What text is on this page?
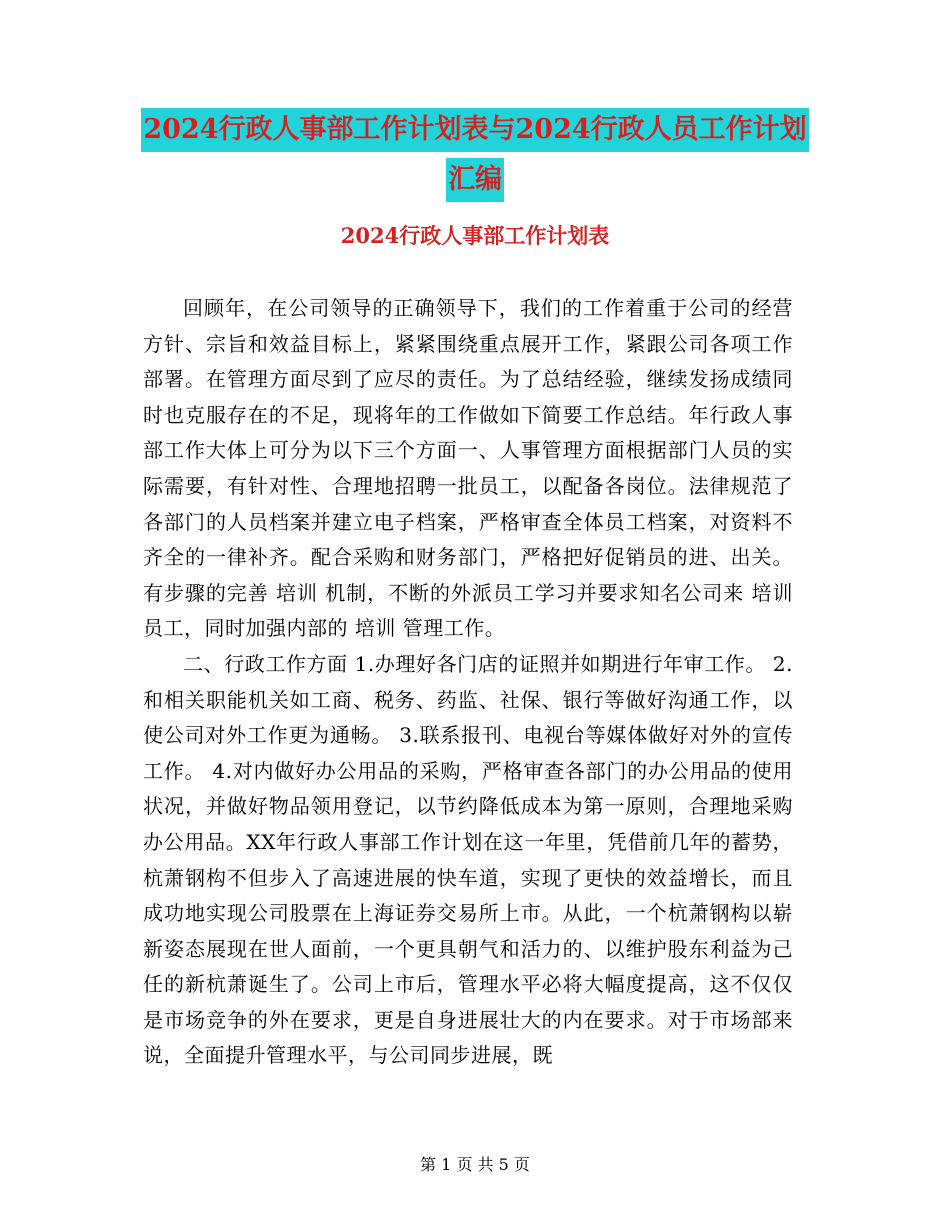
2024行政人事部工作计划表与2024行政人员工作计划
汇编
2024行政人事部工作计划表

回顾年，在公司领导的正确领导下，我们的工作着重于公司的经营方针、宗旨和效益目标上，紧紧围绕重点展开工作，紧跟公司各项工作部署。在管理方面尽到了应尽的责任。为了总结经验，继续发扬成绩同时也克服存在的不足，现将年的工作做如下简要工作总结。年行政人事部工作大体上可分为以下三个方面一、人事管理方面根据部门人员的实际需要，有针对性、合理地招聘一批员工，以配备各岗位。法律规范了各部门的人员档案并建立电子档案，严格审查全体员工档案，对资料不齐全的一律补齐。配合采购和财务部门，严格把好促销员的进、出关。有步骤的完善 培训 机制，不断的外派员工学习并要求知名公司来 培训 员工，同时加强内部的 培训 管理工作。

二、行政工作方面 1.办理好各门店的证照并如期进行年审工作。 2.和相关职能机关如工商、税务、药监、社保、银行等做好沟通工作，以使公司对外工作更为通畅。 3.联系报刊、电视台等媒体做好对外的宣传工作。 4.对内做好办公用品的采购，严格审查各部门的办公用品的使用状况，并做好物品领用登记，以节约降低成本为第一原则，合理地采购办公用品。XX年行政人事部工作计划在这一年里，凭借前几年的蓄势，杭萧钢构不但步入了高速进展的快车道，实现了更快的效益增长，而且成功地实现公司股票在上海证券交易所上市。从此，一个杭萧钢构以崭新姿态展现在世人面前，一个更具朝气和活力的、以维护股东利益为己任的新杭萧诞生了。公司上市后，管理水平必将大幅度提高，这不仅仅是市场竞争的外在要求，更是自身进展壮大的内在要求。对于市场部来说，全面提升管理水平，与公司同步进展，既

第 1 页 共 5 页
